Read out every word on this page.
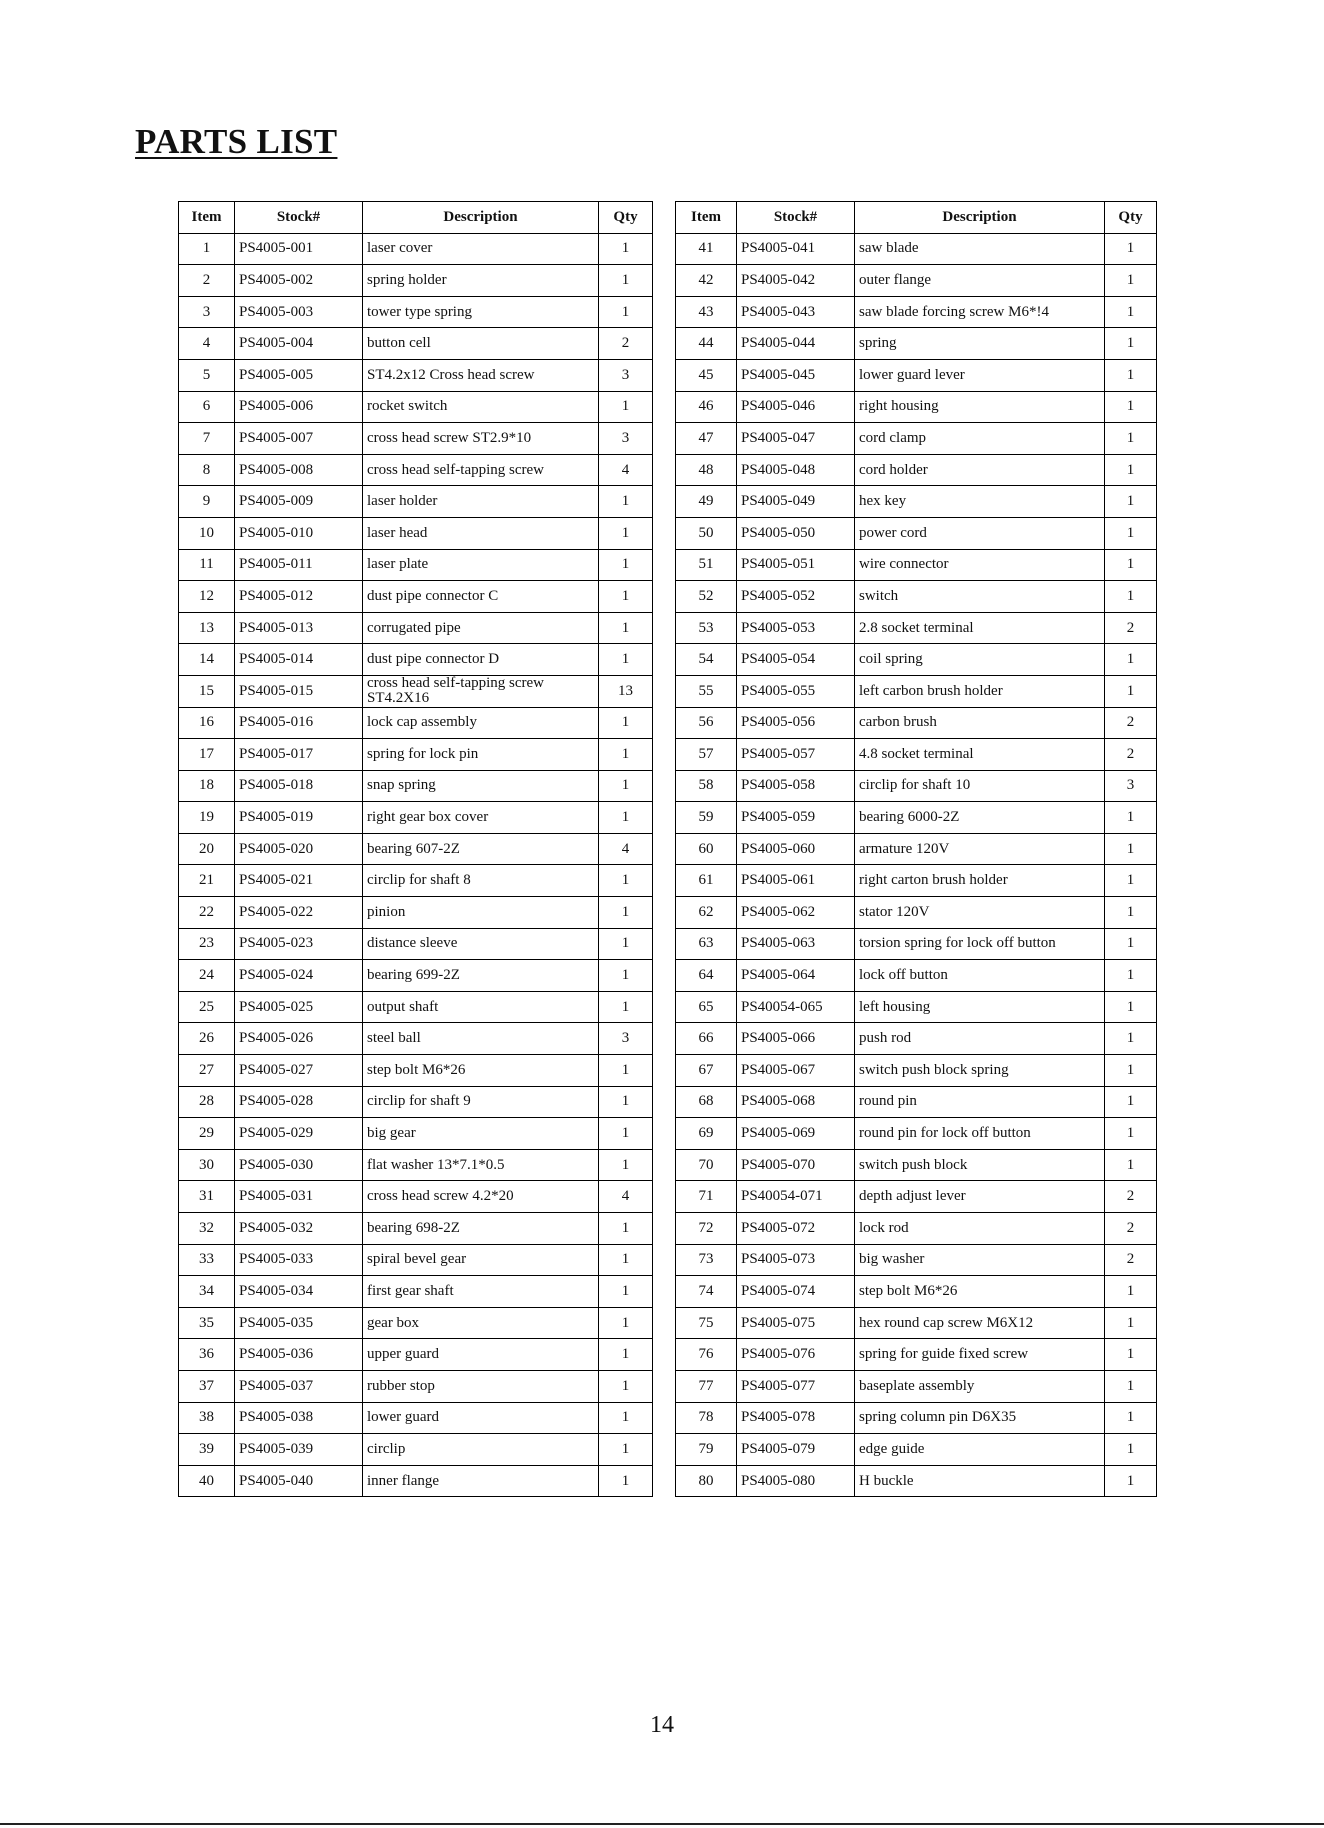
PARTS LIST
Item	Stock#	Description	Qty
1	PS4005-001	laser cover	1
2	PS4005-002	spring holder	1
3	PS4005-003	tower type spring	1
4	PS4005-004	button cell	2
5	PS4005-005	ST4.2x12 Cross head screw	3
6	PS4005-006	rocket switch	1
7	PS4005-007	cross head screw ST2.9*10	3
8	PS4005-008	cross head self-tapping screw	4
9	PS4005-009	laser holder	1
10	PS4005-010	laser head	1
11	PS4005-011	laser plate	1
12	PS4005-012	dust pipe connector C	1
13	PS4005-013	corrugated pipe	1
14	PS4005-014	dust pipe connector D	1
15	PS4005-015	cross head self-tapping screw ST4.2X16	13
16	PS4005-016	lock cap assembly	1
17	PS4005-017	spring for lock pin	1
18	PS4005-018	snap spring	1
19	PS4005-019	right gear box cover	1
20	PS4005-020	bearing 607-2Z	4
21	PS4005-021	circlip for shaft 8	1
22	PS4005-022	pinion	1
23	PS4005-023	distance sleeve	1
24	PS4005-024	bearing 699-2Z	1
25	PS4005-025	output shaft	1
26	PS4005-026	steel ball	3
27	PS4005-027	step bolt M6*26	1
28	PS4005-028	circlip for shaft 9	1
29	PS4005-029	big gear	1
30	PS4005-030	flat washer 13*7.1*0.5	1
31	PS4005-031	cross head screw 4.2*20	4
32	PS4005-032	bearing 698-2Z	1
33	PS4005-033	spiral bevel gear	1
34	PS4005-034	first gear shaft	1
35	PS4005-035	gear box	1
36	PS4005-036	upper guard	1
37	PS4005-037	rubber stop	1
38	PS4005-038	lower guard	1
39	PS4005-039	circlip	1
40	PS4005-040	inner flange	1
Item	Stock#	Description	Qty
41	PS4005-041	saw blade	1
42	PS4005-042	outer flange	1
43	PS4005-043	saw blade forcing screw M6*!4	1
44	PS4005-044	spring	1
45	PS4005-045	lower guard lever	1
46	PS4005-046	right housing	1
47	PS4005-047	cord clamp	1
48	PS4005-048	cord holder	1
49	PS4005-049	hex key	1
50	PS4005-050	power cord	1
51	PS4005-051	wire connector	1
52	PS4005-052	switch	1
53	PS4005-053	2.8 socket terminal	2
54	PS4005-054	coil spring	1
55	PS4005-055	left carbon brush holder	1
56	PS4005-056	carbon brush	2
57	PS4005-057	4.8 socket terminal	2
58	PS4005-058	circlip for shaft 10	3
59	PS4005-059	bearing 6000-2Z	1
60	PS4005-060	armature 120V	1
61	PS4005-061	right carton brush holder	1
62	PS4005-062	stator 120V	1
63	PS4005-063	torsion spring for lock off button	1
64	PS4005-064	lock off button	1
65	PS40054-065	left housing	1
66	PS4005-066	push rod	1
67	PS4005-067	switch push block spring	1
68	PS4005-068	round pin	1
69	PS4005-069	round pin for lock off button	1
70	PS4005-070	switch push block	1
71	PS40054-071	depth adjust lever	2
72	PS4005-072	lock rod	2
73	PS4005-073	big washer	2
74	PS4005-074	step bolt M6*26	1
75	PS4005-075	hex round cap screw M6X12	1
76	PS4005-076	spring for guide fixed screw	1
77	PS4005-077	baseplate assembly	1
78	PS4005-078	spring column pin D6X35	1
79	PS4005-079	edge guide	1
80	PS4005-080	H buckle	1
14
